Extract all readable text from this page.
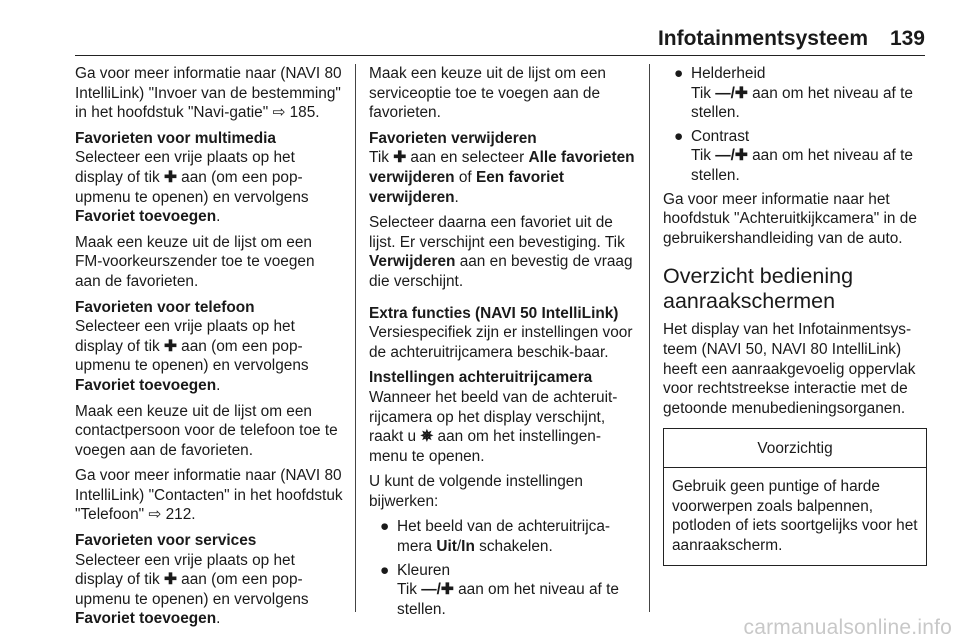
Infotainmentsysteem 139

Ga voor meer informatie naar (NAVI 80 IntelliLink) "Invoer van de bestemming" in het hoofdstuk "Navi-gatie" ⇨ 185.

Favorieten voor multimedia
Selecteer een vrije plaats op het display of tik ✚ aan (om een pop-upmenu te openen) en vervolgens Favoriet toevoegen.

Maak een keuze uit de lijst om een FM-voorkeurszender toe te voegen aan de favorieten.

Favorieten voor telefoon
Selecteer een vrije plaats op het display of tik ✚ aan (om een pop-upmenu te openen) en vervolgens Favoriet toevoegen.

Maak een keuze uit de lijst om een contactpersoon voor de telefoon toe te voegen aan de favorieten.

Ga voor meer informatie naar (NAVI 80 IntelliLink) "Contacten" in het hoofdstuk "Telefoon" ⇨ 212.

Favorieten voor services
Selecteer een vrije plaats op het display of tik ✚ aan (om een pop-upmenu te openen) en vervolgens Favoriet toevoegen.

Maak een keuze uit de lijst om een serviceoptie toe te voegen aan de favorieten.

Favorieten verwijderen
Tik ✚ aan en selecteer Alle favorieten verwijderen of Een favoriet verwijderen.

Selecteer daarna een favoriet uit de lijst. Er verschijnt een bevestiging. Tik Verwijderen aan en bevestig de vraag die verschijnt.

Extra functies (NAVI 50 IntelliLink)

Versiespecifiek zijn er instellingen voor de achteruitrijcamera beschik-baar.

Instellingen achteruitrijcamera
Wanneer het beeld van de achteruit-rijcamera op het display verschijnt, raakt u ✵ aan om het instellingen-menu te openen.

U kunt de volgende instellingen bijwerken:

● Het beeld van de achteruitrijca-mera Uit/In schakelen.
● Kleuren
Tik —/✚ aan om het niveau af te stellen.
● Helderheid
Tik —/✚ aan om het niveau af te stellen.
● Contrast
Tik —/✚ aan om het niveau af te stellen.

Ga voor meer informatie naar het hoofdstuk "Achteruitkijkcamera" in de gebruikershandleiding van de auto.

Overzicht bediening aanraakschermen

Het display van het Infotainmentsys-teem (NAVI 50, NAVI 80 IntelliLink) heeft een aanraakgevoelig oppervlak voor rechtstreekse interactie met de getoonde menubedieningsorganen.

Voorzichtig
Gebruik geen puntige of harde voorwerpen zoals balpennen, potloden of iets soortgelijks voor het aanraakscherm.
carmanualsonline.info
